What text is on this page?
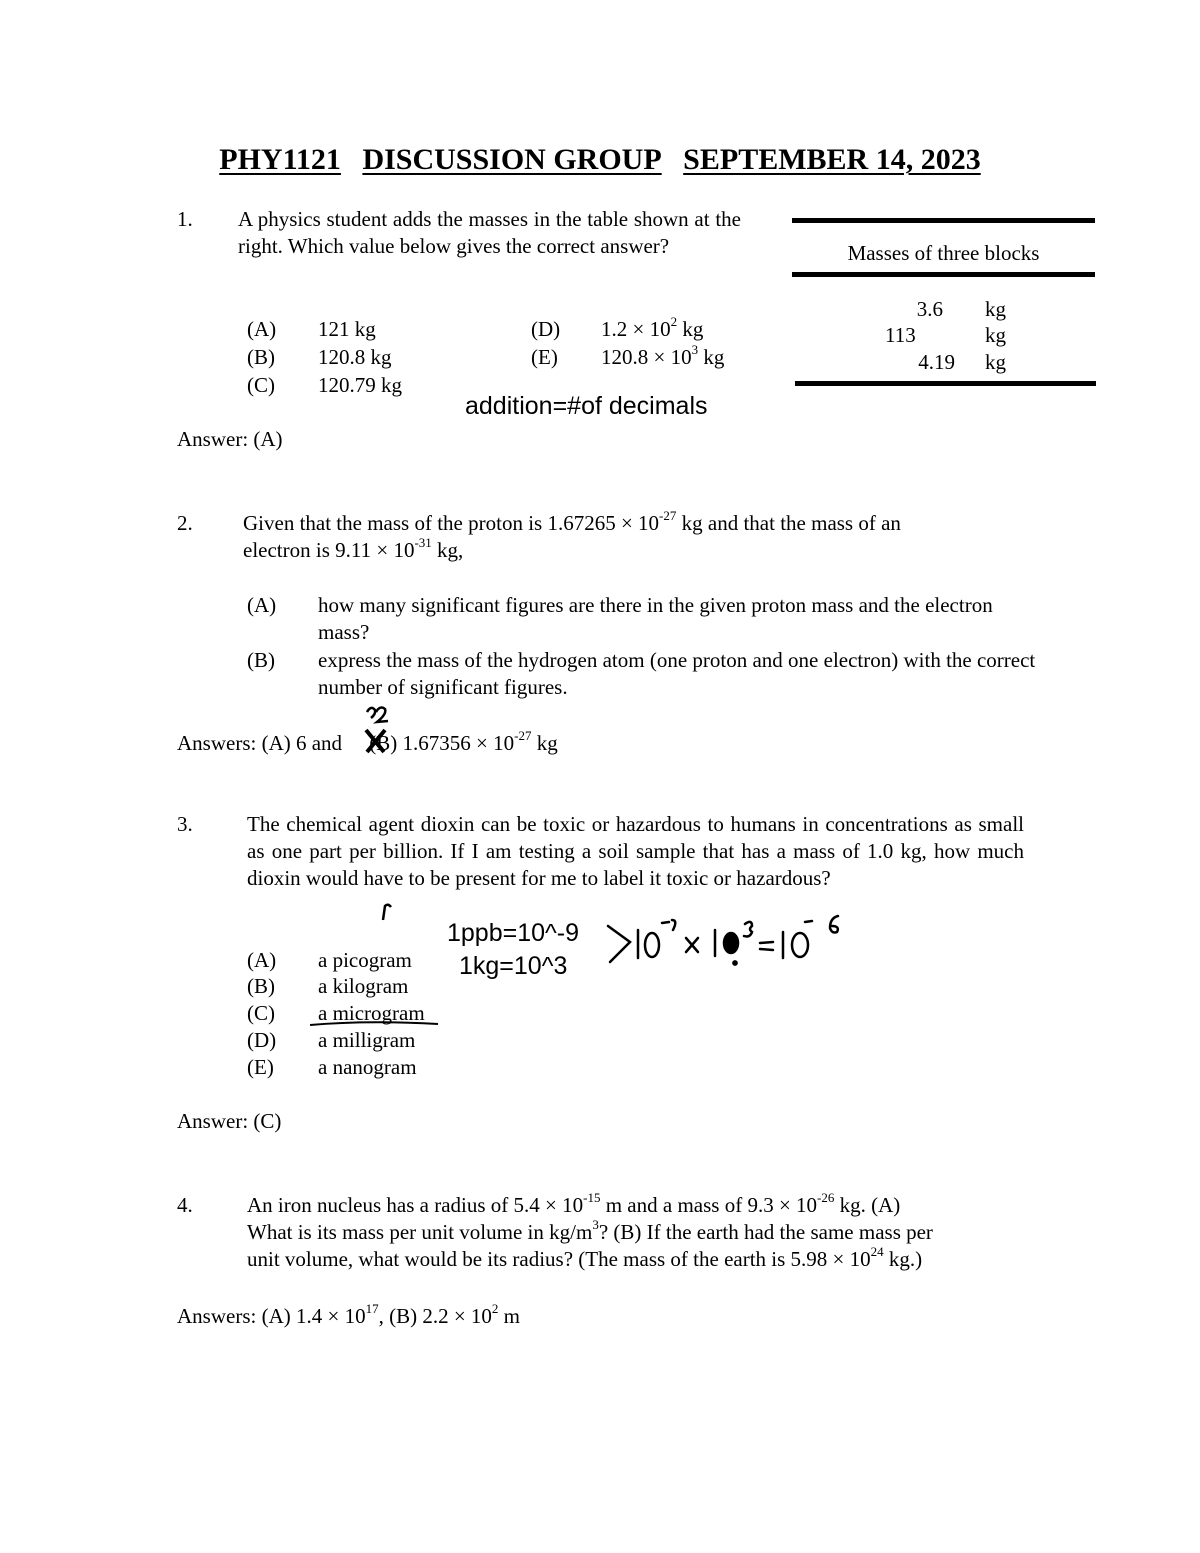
PHY1121 DISCUSSION GROUP SEPTEMBER 14, 2023
1. A physics student adds the masses in the table shown at the right. Which value below gives the correct answer?
(A) 121 kg
(B) 120.8 kg
(C) 120.79 kg
(D) $1.2 \times 10^2$ kg
(E) $120.8 \times 10^3$ kg
addition=#of decimals
Answer: (A)
Masses of three blocks
3.6 kg
113	kg
4.19 kg
2. Given that the mass of the proton is $1.67265 \times 10^{-27}$ kg and that the mass of an
electron is $9.11 \times 10^{-31}$ kg,
(A) how many significant figures are there in the given proton mass and the electron mass?
(B) express the mass of the hydrogen atom (one proton and one electron) with the correct number of significant figures.
Answers: (A) 6 and (B) $1.67356 \times 10^{-27}$ kg
3.	The chemical agent dioxin can be toxic or hazardous to humans in concentrations as small as one part per billion. If I am testing a soil sample that has a mass of 1.0 kg, how much dioxin would have to be present for me to label it toxic or hazardous?
(A) a picogram
(B) a kilogram
(C) a microgram
(D) a milligram
(E) a nanogram
1ppb=10^-9
1kg=10^3
Answer: (C)
4.	An iron nucleus has a radius of $5.4 \times 10^{-15}$ m and a mass of $9.3 \times 10^{-26}$ kg. (A)
What is its mass per unit volume in $kg/m^3$? (B) If the earth had the same mass per
unit volume, what would be its radius? (The mass of the earth is $5.98 \times 10^{24}$ kg.)
Answers: (A) $1.4 \times 10^{17}$, (B) $2.2 \times 10^2$ m
